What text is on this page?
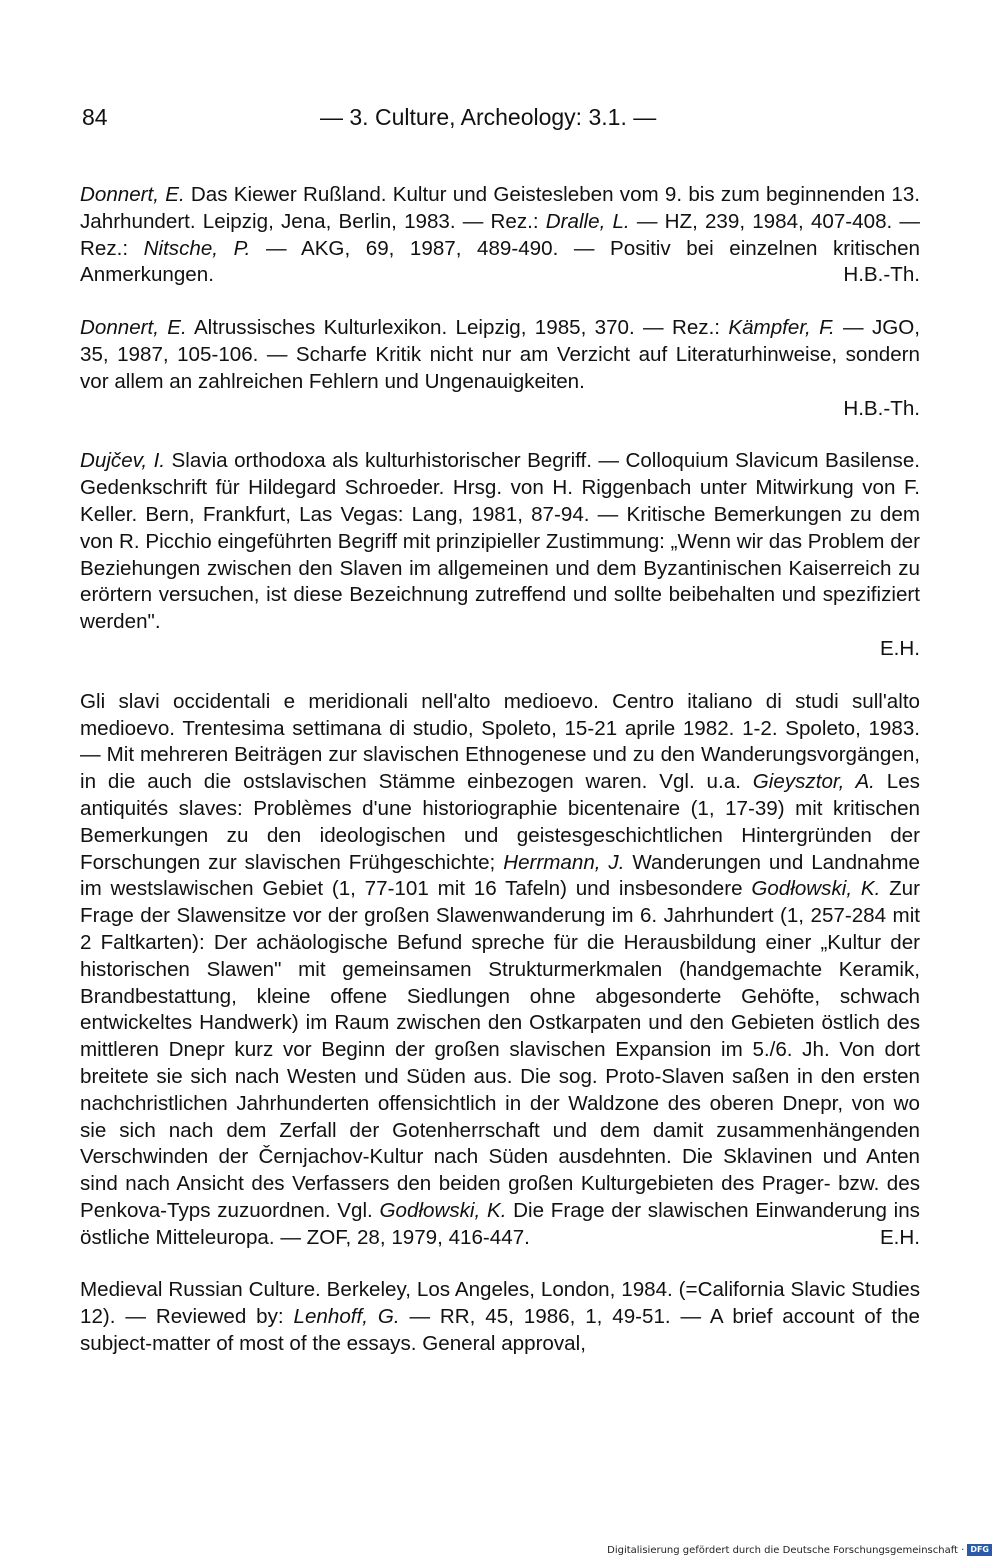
84	— 3. Culture, Archeology: 3.1. —

Donnert, E. Das Kiewer Rußland. Kultur und Geistesleben vom 9. bis zum beginnenden 13. Jahrhundert. Leipzig, Jena, Berlin, 1983. — Rez.: Dralle, L. — HZ, 239, 1984, 407-408. — Rez.: Nitsche, P. — AKG, 69, 1987, 489-490. — Positiv bei einzelnen kritischen Anmerkungen.	H.B.-Th.

Donnert, E. Altrussisches Kulturlexikon. Leipzig, 1985, 370. — Rez.: Kämpfer, F. — JGO, 35, 1987, 105-106. — Scharfe Kritik nicht nur am Verzicht auf Literaturhinweise, sondern vor allem an zahlreichen Fehlern und Ungenauigkeiten.
H.B.-Th.

Dujčev, I. Slavia orthodoxa als kulturhistorischer Begriff. — Colloquium Slavicum Basilense. Gedenkschrift für Hildegard Schroeder. Hrsg. von H. Riggenbach unter Mitwirkung von F. Keller. Bern, Frankfurt, Las Vegas: Lang, 1981, 87-94. — Kritische Bemerkungen zu dem von R. Picchio eingeführten Begriff mit prinzipieller Zustimmung: „Wenn wir das Problem der Beziehungen zwischen den Slaven im allgemeinen und dem Byzantinischen Kaiserreich zu erörtern versuchen, ist diese Bezeichnung zutreffend und sollte beibehalten und spezifiziert werden".
E.H.

Gli slavi occidentali e meridionali nell'alto medioevo. Centro italiano di studi sull'alto medioevo. Trentesima settimana di studio, Spoleto, 15-21 aprile 1982. 1-2. Spoleto, 1983. — Mit mehreren Beiträgen zur slavischen Ethnogenese und zu den Wanderungsvorgängen, in die auch die ostslavischen Stämme einbezogen waren. Vgl. u.a. Gieysztor, A. Les antiquités slaves: Problèmes d'une historiographie bicentenaire (1, 17-39) mit kritischen Bemerkungen zu den ideologischen und geistesgeschichtlichen Hintergründen der Forschungen zur slavischen Frühgeschichte; Herrmann, J. Wanderungen und Landnahme im westslawischen Gebiet (1, 77-101 mit 16 Tafeln) und insbesondere Godłowski, K. Zur Frage der Slawensitze vor der großen Slawenwanderung im 6. Jahrhundert (1, 257-284 mit 2 Faltkarten): Der achäologische Befund spreche für die Herausbildung einer „Kultur der historischen Slawen" mit gemeinsamen Strukturmerkmalen (handgemachte Keramik, Brandbestattung, kleine offene Siedlungen ohne abgesonderte Gehöfte, schwach entwickeltes Handwerk) im Raum zwischen den Ostkarpaten und den Gebieten östlich des mittleren Dnepr kurz vor Beginn der großen slavischen Expansion im 5./6. Jh. Von dort breitete sie sich nach Westen und Süden aus. Die sog. Proto-Slaven saßen in den ersten nachchristlichen Jahrhunderten offensichtlich in der Waldzone des oberen Dnepr, von wo sie sich nach dem Zerfall der Gotenherrschaft und dem damit zusammenhängenden Verschwinden der Černjachov-Kultur nach Süden ausdehnten. Die Sklavinen und Anten sind nach Ansicht des Verfassers den beiden großen Kulturgebieten des Prager- bzw. des Penkova-Typs zuzuordnen. Vgl. Godłowski, K. Die Frage der slawischen Einwanderung ins östliche Mitteleuropa. — ZOF, 28, 1979, 416-447.	E.H.

Medieval Russian Culture. Berkeley, Los Angeles, London, 1984. (=California Slavic Studies 12). — Reviewed by: Lenhoff, G. — RR, 45, 1986, 1, 49-51. — A brief account of the subject-matter of most of the essays. General approval,

Digitalisierung gefördert durch die Deutsche Forschungsgemeinschaft · DFG
